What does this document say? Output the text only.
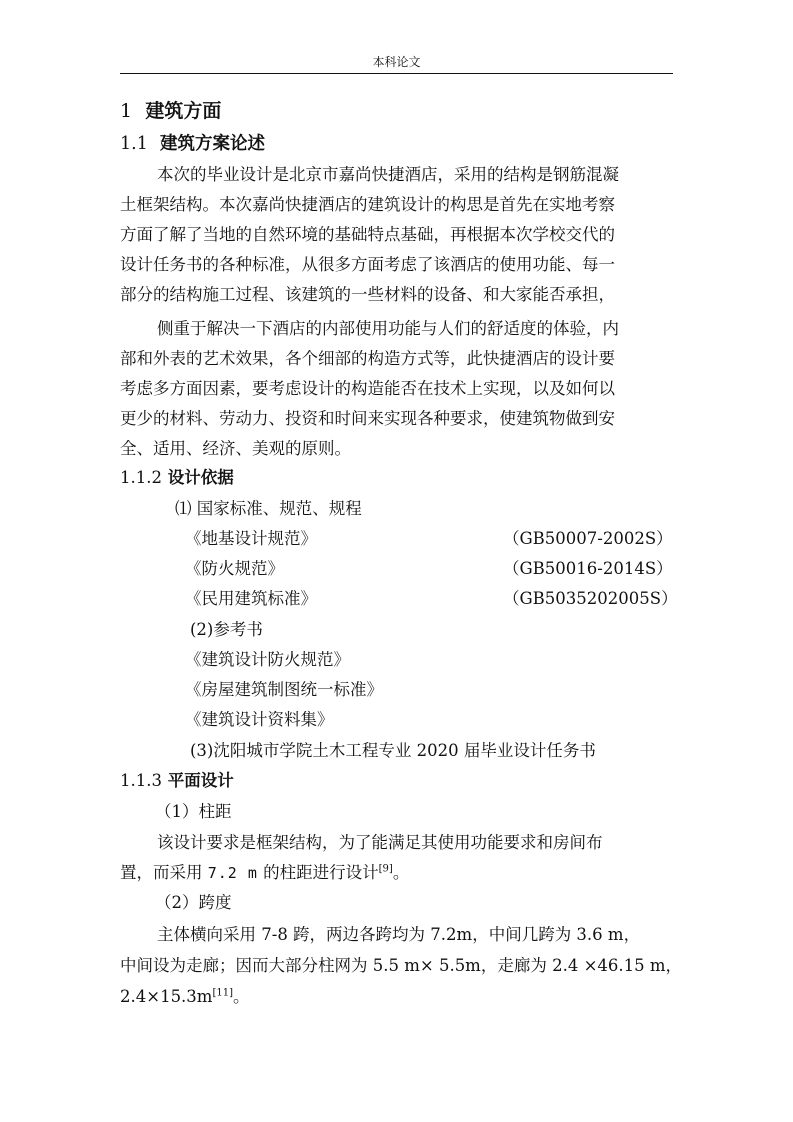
本科论文
1 建筑方面
1.1 建筑方案论述
本次的毕业设计是北京市嘉尚快捷酒店，采用的结构是钢筋混凝
土框架结构。本次嘉尚快捷酒店的建筑设计的构思是首先在实地考察
方面了解了当地的自然环境的基础特点基础，再根据本次学校交代的
设计任务书的各种标准，从很多方面考虑了该酒店的使用功能、每一
部分的结构施工过程、该建筑的一些材料的设备、和大家能否承担，
侧重于解决一下酒店的内部使用功能与人们的舒适度的体验，内
部和外表的艺术效果，各个细部的构造方式等，此快捷酒店的设计要
考虑多方面因素，要考虑设计的构造能否在技术上实现，以及如何以
更少的材料、劳动力、投资和时间来实现各种要求，使建筑物做到安
全、适用、经济、美观的原则。
1.1.2 设计依据
⑴ 国家标准、规范、规程
《地基设计规范》	（GB50007-2002S）
《防火规范》	（GB50016-2014S）
《民用建筑标准》	（GB5035202005S）
(2)参考书
《建筑设计防火规范》
《房屋建筑制图统一标准》
《建筑设计资料集》
(3)沈阳城市学院土木工程专业 2020 届毕业设计任务书
1.1.3 平面设计
（1）柱距
该设计要求是框架结构，为了能满足其使用功能要求和房间布
置，而采用 7.2 m 的柱距进行设计[9]。
（2）跨度
主体横向采用 7-8 跨，两边各跨均为 7.2m，中间几跨为 3.6 m，
中间设为走廊；因而大部分柱网为 5.5 m× 5.5m，走廊为 2.4 ×46.15 m，
2.4×15.3m[11]。
